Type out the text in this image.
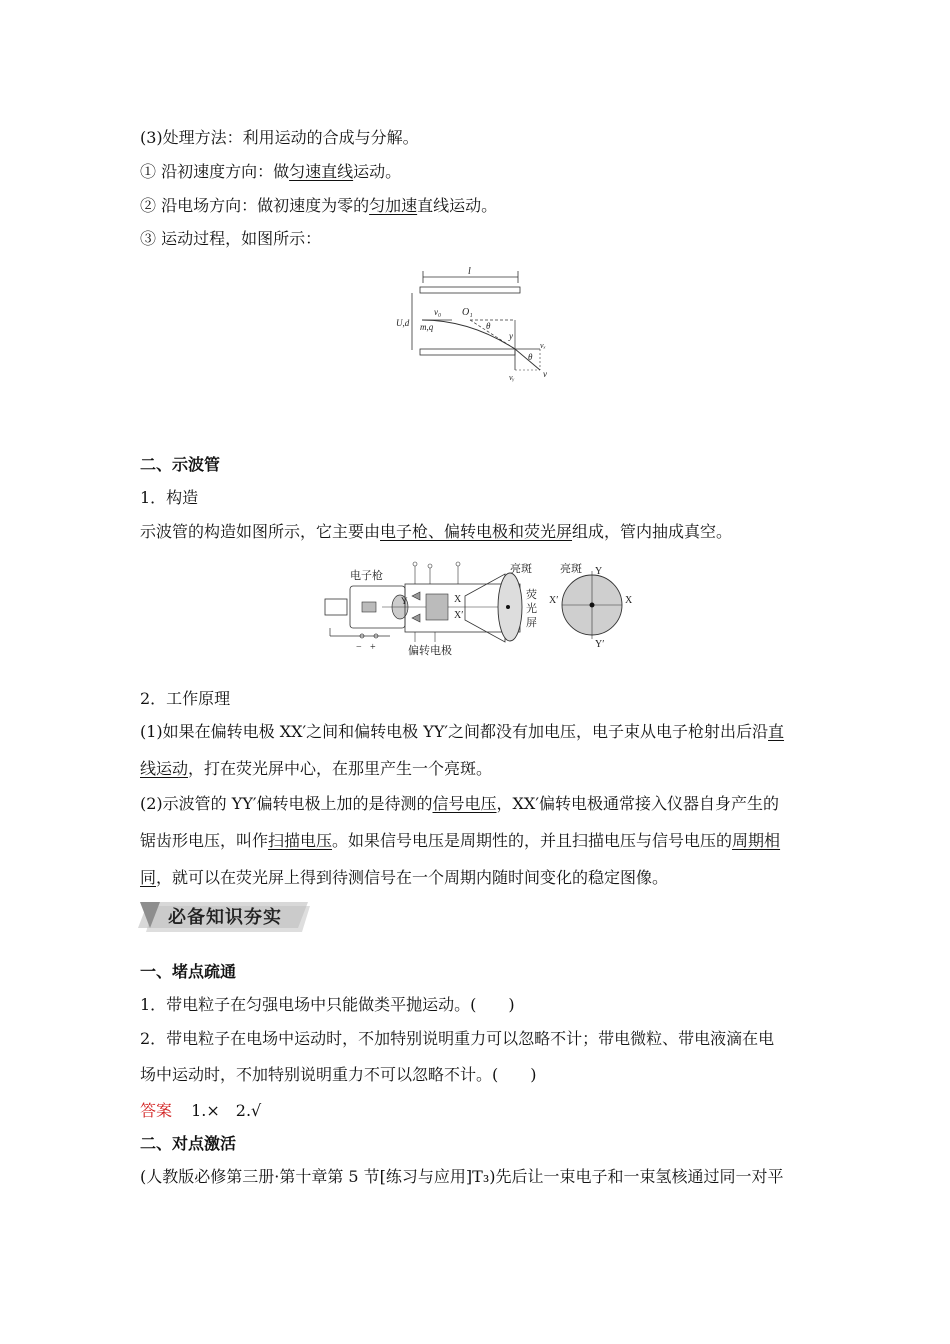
(3)处理方法：利用运动的合成与分解。
① 沿初速度方向：做匀速直线运动。
② 沿电场方向：做初速度为零的匀加速直线运动。
③ 运动过程，如图所示：
l
U,d m,q
v₀ O₁
θ
y
vₓ
vᵧ
θ
v
二、示波管
1．构造
示波管的构造如图所示，它主要由电子枪、偏转电极和荧光屏组成，管内抽成真空。
电子枪
− +
Y	X
X′
偏转电极
亮斑
荧
光
屏
亮斑 Y
Y′
X′	X
2．工作原理
(1)如果在偏转电极 XX′之间和偏转电极 YY′之间都没有加电压，电子束从电子枪射出后沿直
线运动，打在荧光屏中心，在那里产生一个亮斑。
(2)示波管的 YY′偏转电极上加的是待测的信号电压，XX′偏转电极通常接入仪器自身产生的
锯齿形电压，叫作扫描电压。如果信号电压是周期性的，并且扫描电压与信号电压的周期相
同，就可以在荧光屏上得到待测信号在一个周期内随时间变化的稳定图像。
必备知识夯实
一、堵点疏通
1．带电粒子在匀强电场中只能做类平抛运动。(　　)
2．带电粒子在电场中运动时，不加特别说明重力可以忽略不计；带电微粒、带电液滴在电
场中运动时，不加特别说明重力不可以忽略不计。(　　)
答案 1.×　2.√
二、对点激活
(人教版必修第三册·第十章第 5 节[练习与应用]T₃)先后让一束电子和一束氢核通过同一对平
